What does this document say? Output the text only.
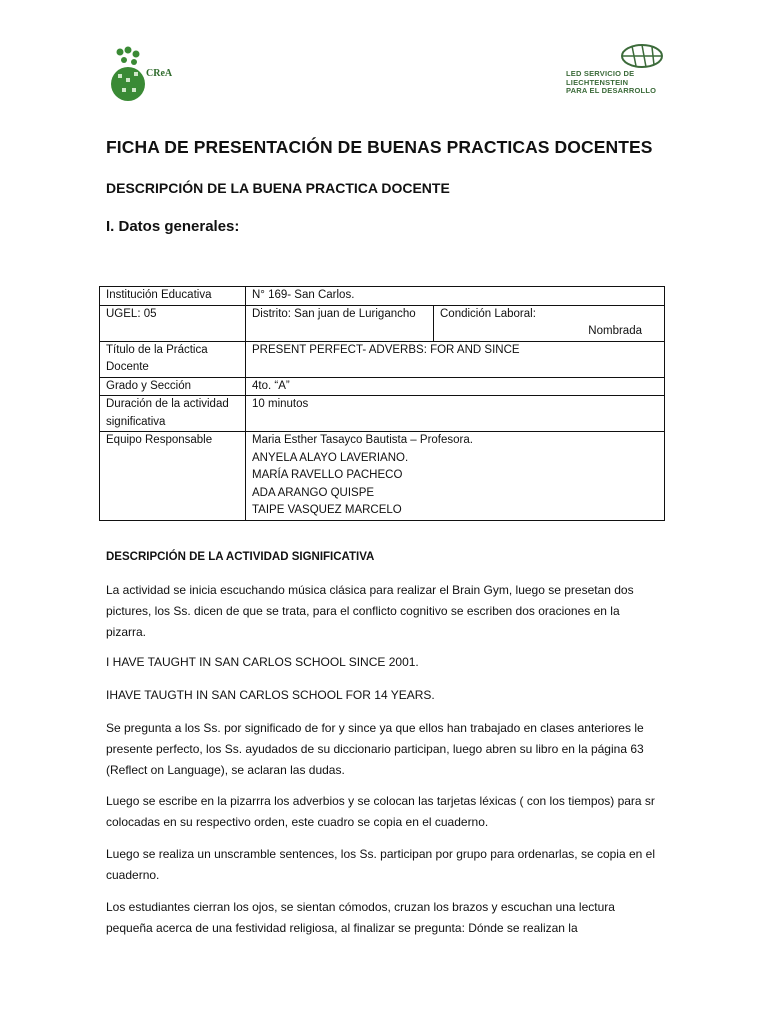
CReA	LED SERVICIO DE
LIECHTENSTEIN
PARA EL DESARROLLO
FICHA DE PRESENTACIÓN DE BUENAS PRACTICAS DOCENTES
DESCRIPCIÓN DE LA BUENA PRACTICA DOCENTE
I. Datos generales:
Institución Educativa	N° 169- San Carlos.	
UGEL: 05	Distrito: San juan de Lurigancho	Condición Laboral:
Nombrada

Título de la Práctica Docente	PRESENT PERFECT- ADVERBS: FOR AND SINCE	
Grado y Sección	4to. “A”	
Duración de la actividad significativa	10 minutos	
Equipo Responsable	Maria Esther Tasayco Bautista – Profesora.
ANYELA ALAYO LAVERIANO.
MARÍA RAVELLO PACHECO
ADA ARANGO QUISPE
TAIPE VASQUEZ MARCELO	

DESCRIPCIÓN DE LA ACTIVIDAD SIGNIFICATIVA

La actividad se inicia escuchando música clásica para realizar el Brain Gym, luego se presetan dos pictures, los Ss. dicen de que se trata, para el conflicto cognitivo se escriben dos oraciones en la pizarra.

I HAVE TAUGHT IN SAN CARLOS SCHOOL SINCE 2001.

IHAVE TAUGTH IN SAN CARLOS SCHOOL FOR 14 YEARS.

Se pregunta a los Ss. por significado de for y since ya que ellos han trabajado en clases anteriores le presente perfecto, los Ss. ayudados de su diccionario participan, luego abren su libro en la página 63 (Reflect on Language), se aclaran las dudas.

Luego se escribe en la pizarrra los adverbios y se colocan las tarjetas léxicas ( con los tiempos) para sr colocadas en su respectivo orden, este cuadro se copia en el cuaderno.

Luego se realiza un unscramble sentences, los Ss. participan por grupo para ordenarlas, se copia en el cuaderno.

Los estudiantes cierran los ojos, se sientan cómodos, cruzan los brazos y escuchan una lectura pequeña acerca de una festividad religiosa, al finalizar se pregunta: Dónde se realizan la
